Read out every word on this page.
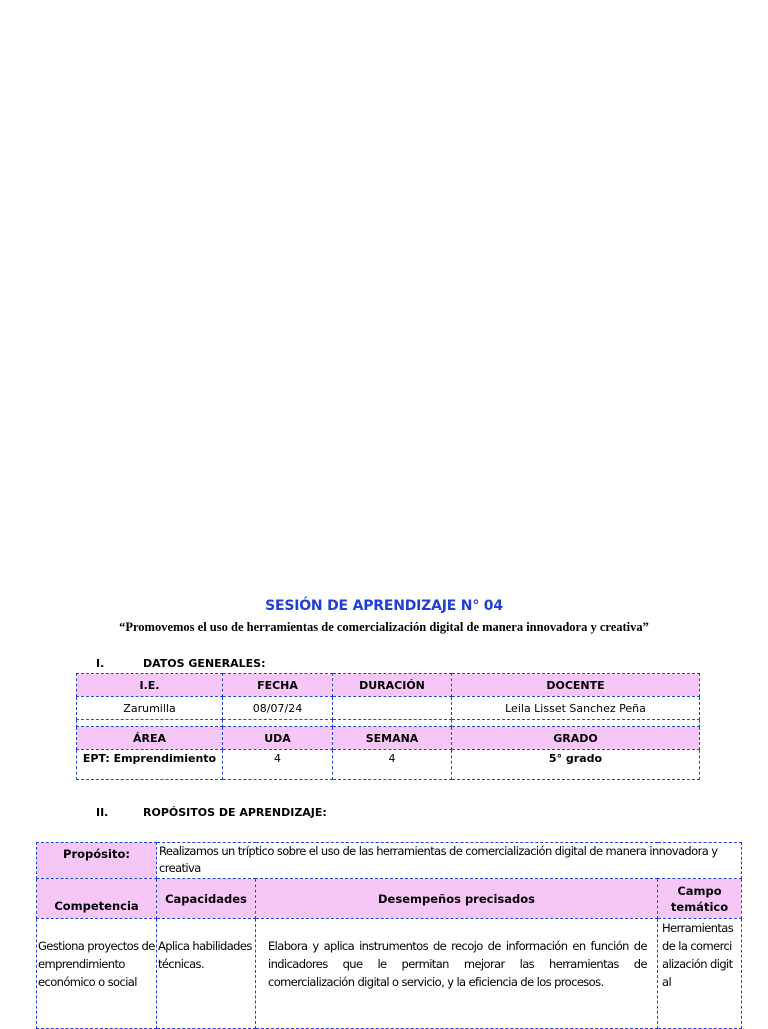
SESIÓN DE APRENDIZAJE N° 04
“Promovemos el uso de herramientas de comercialización digital de manera innovadora y creativa”
I.	DATOS GENERALES:
I.E.	FECHA	DURACIÓN	DOCENTE
Zarumilla	08/07/24		Leila Lisset Sanchez Peña

ÁREA	UDA	SEMANA	GRADO
EPT: Emprendimiento	4	4	5° grado
II.	ROPÓSITOS DE APRENDIZAJE:
Propósito:	Realizamos un tríptico sobre el uso de las herramientas de comercialización digital de manera innovadora y creativa		
Competencia	Capacidades	Desempeños precisados	Campo temático
Gestiona proyectos de emprendimiento económico o social	Aplica habilidades técnicas.	Elabora y aplica instrumentos de recojo de información en función de indicadores que le permitan mejorar las herramientas de comercialización digital o servicio, y la eficiencia de los procesos.	Herramientas de la comercialización digital
